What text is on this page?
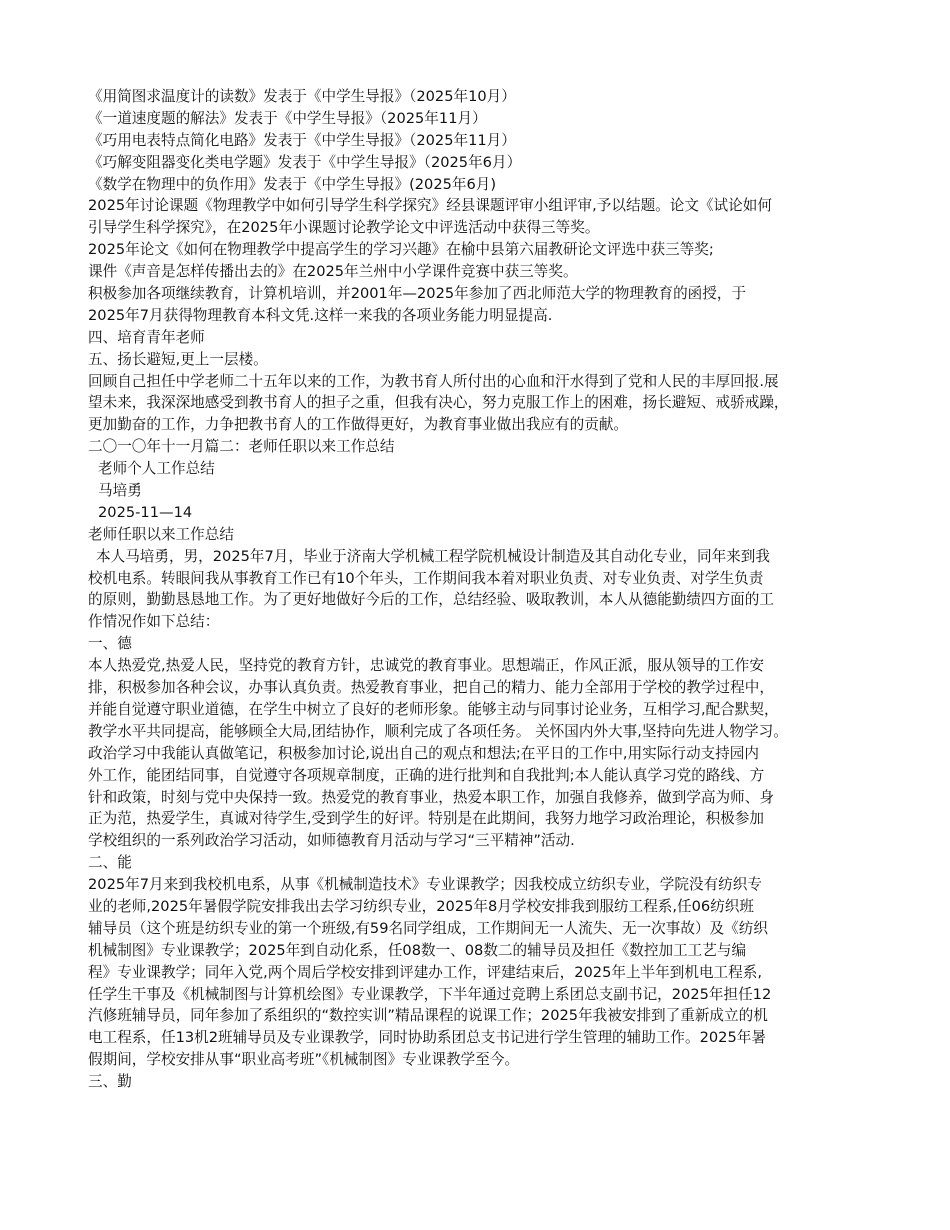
《用简图求温度计的读数》发表于《中学生导报》（2025年10月）
《一道速度题的解法》发表于《中学生导报》（2025年11月）
《巧用电表特点简化电路》发表于《中学生导报》（2025年11月）
《巧解变阻器变化类电学题》发表于《中学生导报》（2025年6月）
《数学在物理中的负作用》发表于《中学生导报》(2025年6月)
2025年讨论课题《物理教学中如何引导学生科学探究》经县课题评审小组评审,予以结题。论文《试论如何
引导学生科学探究》，在2025年小课题讨论教学论文中评选活动中获得三等奖。
2025年论文《如何在物理教学中提高学生的学习兴趣》在榆中县第六届教研论文评选中获三等奖;
课件《声音是怎样传播出去的》在2025年兰州中小学课件竞赛中获三等奖。
积极参加各项继续教育，计算机培训，并2001年—2025年参加了西北师范大学的物理教育的函授，于
2025年7月获得物理教育本科文凭.这样一来我的各项业务能力明显提高.
四、培育青年老师
五、扬长避短,更上一层楼。
回顾自己担任中学老师二十五年以来的工作，为教书育人所付出的心血和汗水得到了党和人民的丰厚回报.展
望未来，我深深地感受到教书育人的担子之重，但我有决心，努力克服工作上的困难，扬长避短、戒骄戒躁，
更加勤奋的工作，力争把教书育人的工作做得更好，为教育事业做出我应有的贡献。
二〇一〇年十一月篇二：老师任职以来工作总结
老师个人工作总结
马培勇
2025-11—14
老师任职以来工作总结
本人马培勇，男，2025年7月，毕业于济南大学机械工程学院机械设计制造及其自动化专业，同年来到我
校机电系。转眼间我从事教育工作已有10个年头，工作期间我本着对职业负责、对专业负责、对学生负责
的原则，勤勤恳恳地工作。为了更好地做好今后的工作，总结经验、吸取教训，本人从德能勤绩四方面的工
作情况作如下总结：
一、德
本人热爱党,热爱人民，坚持党的教育方针，忠诚党的教育事业。思想端正，作风正派，服从领导的工作安
排，积极参加各种会议，办事认真负责。热爱教育事业，把自己的精力、能力全部用于学校的教学过程中，
并能自觉遵守职业道德，在学生中树立了良好的老师形象。能够主动与同事讨论业务，互相学习,配合默契，
教学水平共同提高，能够顾全大局,团结协作，顺利完成了各项任务。 关怀国内外大事,坚持向先进人物学习。
政治学习中我能认真做笔记，积极参加讨论,说出自己的观点和想法;在平日的工作中,用实际行动支持园内
外工作，能团结同事，自觉遵守各项规章制度，正确的进行批判和自我批判;本人能认真学习党的路线、方
针和政策，时刻与党中央保持一致。热爱党的教育事业，热爱本职工作，加强自我修养，做到学高为师、身
正为范，热爱学生，真诚对待学生,受到学生的好评。特别是在此期间，我努力地学习政治理论，积极参加
学校组织的一系列政治学习活动，如师德教育月活动与学习“三平精神”活动.
二、能
2025年7月来到我校机电系，从事《机械制造技术》专业课教学；因我校成立纺织专业，学院没有纺织专
业的老师,2025年暑假学院安排我出去学习纺织专业，2025年8月学校安排我到服纺工程系,任06纺织班
辅导员（这个班是纺织专业的第一个班级,有59名同学组成，工作期间无一人流失、无一次事故）及《纺织
机械制图》专业课教学；2025年到自动化系，任08数一、08数二的辅导员及担任《数控加工工艺与编
程》专业课教学；同年入党,两个周后学校安排到评建办工作，评建结束后，2025年上半年到机电工程系,
任学生干事及《机械制图与计算机绘图》专业课教学，下半年通过竞聘上系团总支副书记，2025年担任12
汽修班辅导员，同年参加了系组织的“数控实训”精品课程的说课工作；2025年我被安排到了重新成立的机
电工程系，任13机2班辅导员及专业课教学，同时协助系团总支书记进行学生管理的辅助工作。2025年暑
假期间，学校安排从事“职业高考班”《机械制图》专业课教学至今。
三、勤
